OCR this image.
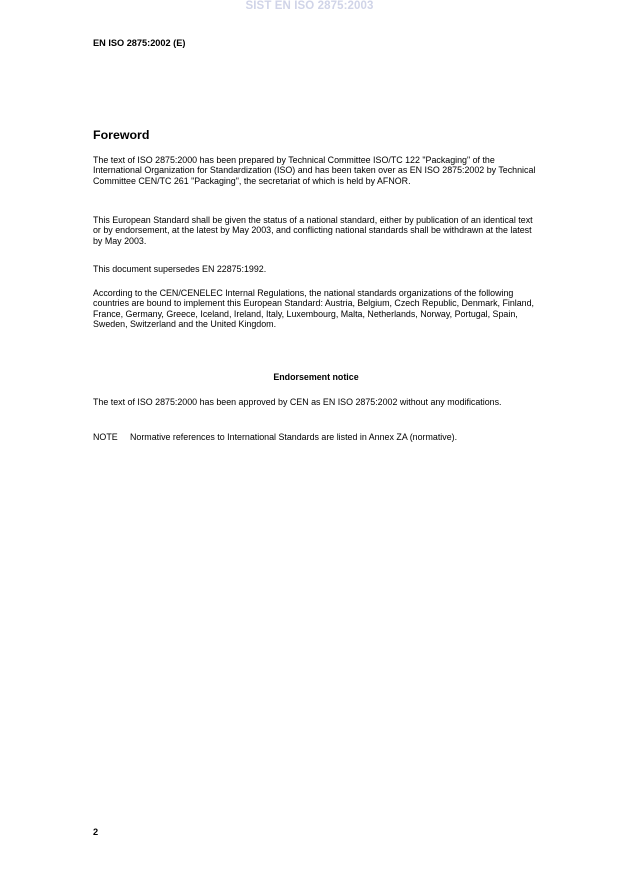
SIST EN ISO 2875:2003
EN ISO 2875:2002 (E)
Foreword

The text of ISO 2875:2000 has been prepared by Technical Committee ISO/TC 122 "Packaging" of the International Organization for Standardization (ISO) and has been taken over as EN ISO 2875:2002 by Technical Committee CEN/TC 261 "Packaging", the secretariat of which is held by AFNOR.

This European Standard shall be given the status of a national standard, either by publication of an identical text or by endorsement, at the latest by May 2003, and conflicting national standards shall be withdrawn at the latest by May 2003.

This document supersedes EN 22875:1992.

According to the CEN/CENELEC Internal Regulations, the national standards organizations of the following countries are bound to implement this European Standard: Austria, Belgium, Czech Republic, Denmark, Finland, France, Germany, Greece, Iceland, Ireland, Italy, Luxembourg, Malta, Netherlands, Norway, Portugal, Spain, Sweden, Switzerland and the United Kingdom.

Endorsement notice

The text of ISO 2875:2000 has been approved by CEN as EN ISO 2875:2002 without any modifications.

NOTE Normative references to International Standards are listed in Annex ZA (normative).
2
